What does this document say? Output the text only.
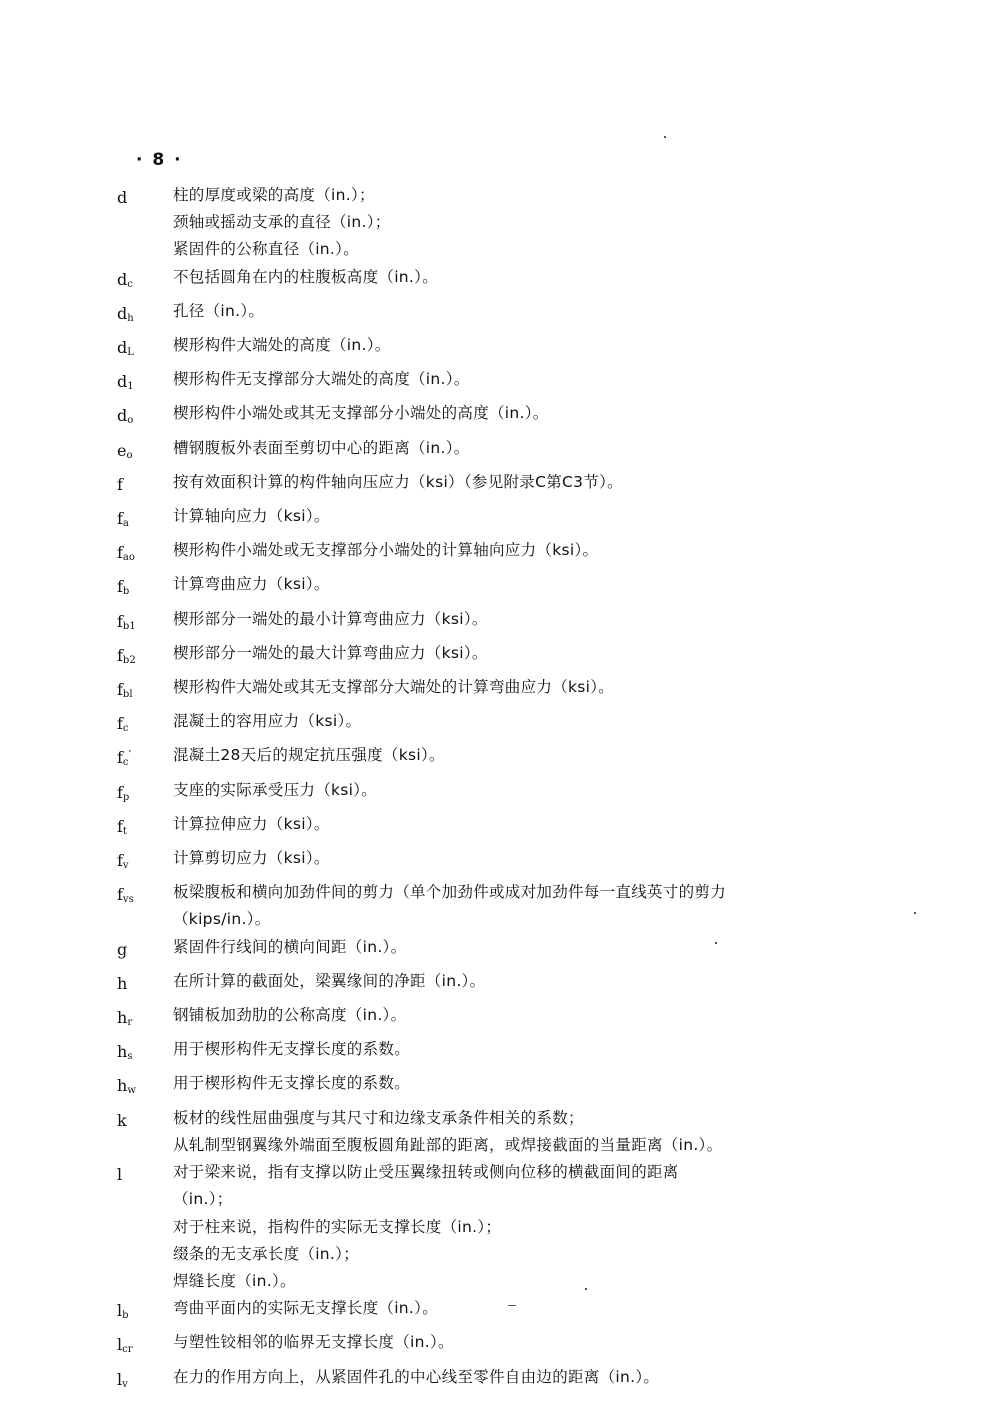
· 8 ·
d	柱的厚度或梁的高度（in.）；
颈轴或摇动支承的直径（in.）；
紧固件的公称直径（in.）。
$d_c$	不包括圆角在内的柱腹板高度（in.）。
$d_h$	孔径（in.）。
$d_L$	楔形构件大端处的高度（in.）。
$d_1$	楔形构件无支撑部分大端处的高度（in.）。
$d_o$	楔形构件小端处或其无支撑部分小端处的高度（in.）。
$e_o$	槽钢腹板外表面至剪切中心的距离（in.）。
f	按有效面积计算的构件轴向压应力（ksi）（参见附录C第C3节）。
$f_a$	计算轴向应力（ksi）。
$f_{ao}$	楔形构件小端处或无支撑部分小端处的计算轴向应力（ksi）。
$f_b$	计算弯曲应力（ksi）。
$f_{b1}$	楔形部分一端处的最小计算弯曲应力（ksi）。
$f_{b2}$	楔形部分一端处的最大计算弯曲应力（ksi）。
$f_{bl}$	楔形构件大端处或其无支撑部分大端处的计算弯曲应力（ksi）。
$f_c$	混凝土的容用应力（ksi）。
$f_c'$	混凝土28天后的规定抗压强度（ksi）。
$f_p$	支座的实际承受压力（ksi）。
$f_t$	计算拉伸应力（ksi）。
$f_v$	计算剪切应力（ksi）。
$f_{vs}$	板梁腹板和横向加劲件间的剪力（单个加劲件或成对加劲件每一直线英寸的剪力
（kips/in.）。
g	紧固件行线间的横向间距（in.）。
h	在所计算的截面处，梁翼缘间的净距（in.）。
$h_r$	钢铺板加劲肋的公称高度（in.）。
$h_s$	用于楔形构件无支撑长度的系数。
$h_w$	用于楔形构件无支撑长度的系数。
k	板材的线性屈曲强度与其尺寸和边缘支承条件相关的系数；
从轧制型钢翼缘外端面至腹板圆角趾部的距离，或焊接截面的当量距离（in.）。
l	对于梁来说，指有支撑以防止受压翼缘扭转或侧向位移的横截面间的距离
（in.）；
对于柱来说，指构件的实际无支撑长度（in.）；
缀条的无支承长度（in.）；
焊缝长度（in.）。
$l_b$	弯曲平面内的实际无支撑长度（in.）。
$l_{cr}$	与塑性铰相邻的临界无支撑长度（in.）。
$l_v$	在力的作用方向上，从紧固件孔的中心线至零件自由边的距离（in.）。
